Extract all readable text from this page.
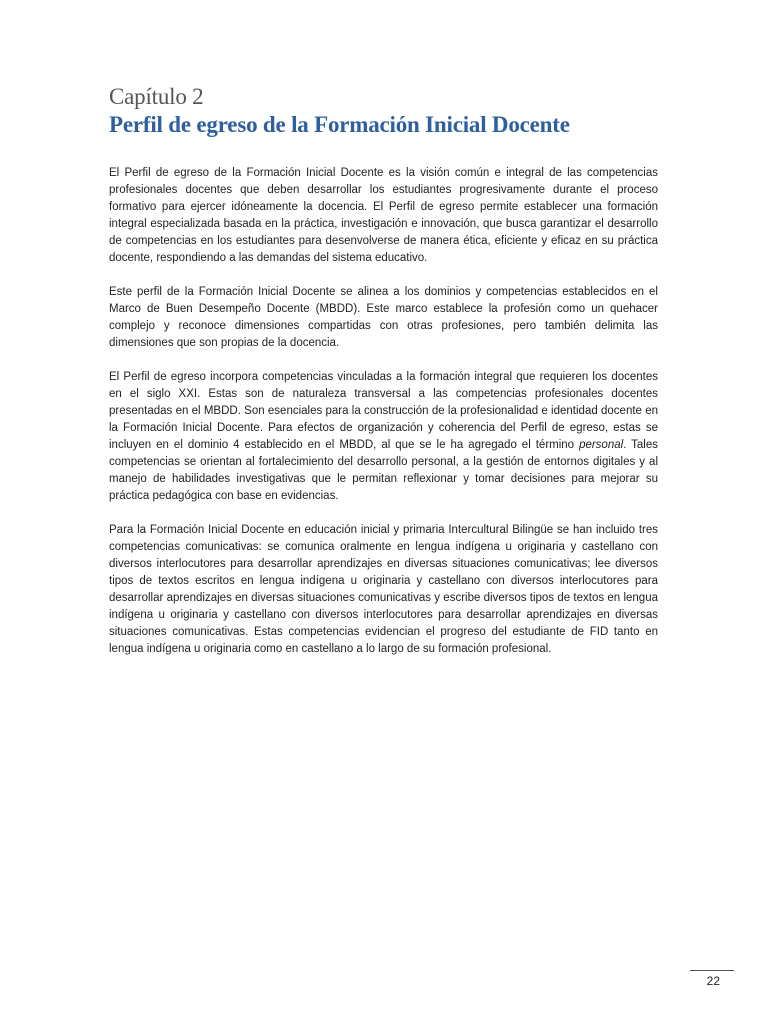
Capítulo 2
Perfil de egreso de la Formación Inicial Docente

El Perfil de egreso de la Formación Inicial Docente es la visión común e integral de las competencias profesionales docentes que deben desarrollar los estudiantes progresivamente durante el proceso formativo para ejercer idóneamente la docencia. El Perfil de egreso permite establecer una formación integral especializada basada en la práctica, investigación e innovación, que busca garantizar el desarrollo de competencias en los estudiantes para desenvolverse de manera ética, eficiente y eficaz en su práctica docente, respondiendo a las demandas del sistema educativo.

Este perfil de la Formación Inicial Docente se alinea a los dominios y competencias establecidos en el Marco de Buen Desempeño Docente (MBDD). Este marco establece la profesión como un quehacer complejo y reconoce dimensiones compartidas con otras profesiones, pero también delimita las dimensiones que son propias de la docencia.

El Perfil de egreso incorpora competencias vinculadas a la formación integral que requieren los docentes en el siglo XXI. Estas son de naturaleza transversal a las competencias profesionales docentes presentadas en el MBDD. Son esenciales para la construcción de la profesionalidad e identidad docente en la Formación Inicial Docente. Para efectos de organización y coherencia del Perfil de egreso, estas se incluyen en el dominio 4 establecido en el MBDD, al que se le ha agregado el término personal. Tales competencias se orientan al fortalecimiento del desarrollo personal, a la gestión de entornos digitales y al manejo de habilidades investigativas que le permitan reflexionar y tomar decisiones para mejorar su práctica pedagógica con base en evidencias.

Para la Formación Inicial Docente en educación inicial y primaria Intercultural Bilingüe se han incluido tres competencias comunicativas: se comunica oralmente en lengua indígena u originaria y castellano con diversos interlocutores para desarrollar aprendizajes en diversas situaciones comunicativas; lee diversos tipos de textos escritos en lengua indígena u originaria y castellano con diversos interlocutores para desarrollar aprendizajes en diversas situaciones comunicativas y escribe diversos tipos de textos en lengua indígena u originaria y castellano con diversos interlocutores para desarrollar aprendizajes en diversas situaciones comunicativas. Estas competencias evidencian el progreso del estudiante de FID tanto en lengua indígena u originaria como en castellano a lo largo de su formación profesional.

22
